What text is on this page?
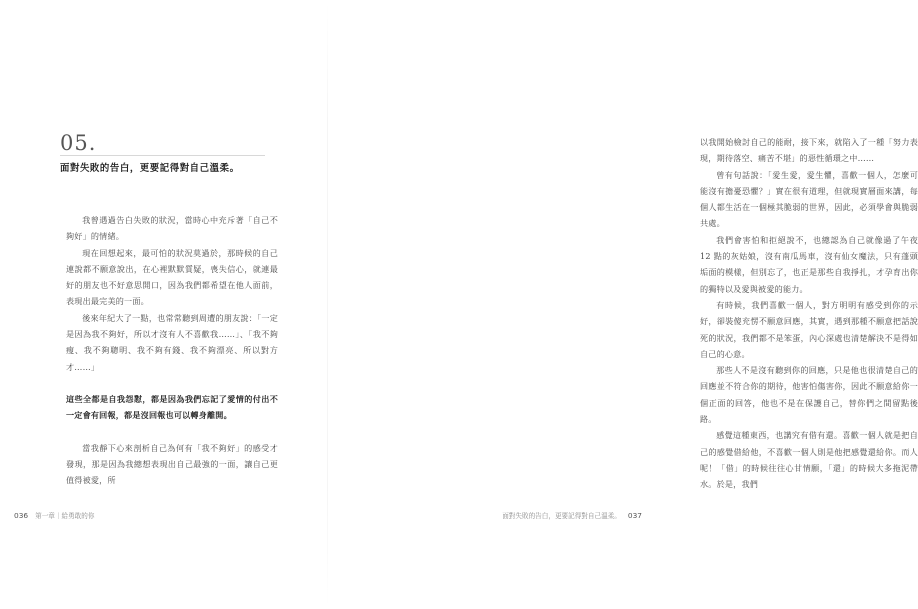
05.
面對失敗的告白，更要記得對自己溫柔。

我曾遇過告白失敗的狀況，當時心中充斥著「自己不夠好」的情緒。

現在回想起來，最可怕的狀況莫過於，那時候的自己連說都不願意說出，在心裡默默質疑，喪失信心，就連最好的朋友也不好意思開口，因為我們都希望在他人面前，表現出最完美的一面。

後來年紀大了一點，也常常聽到周遭的朋友說：「一定是因為我不夠好，所以才沒有人不喜歡我……」、「我不夠瘦、我不夠聰明、我不夠有錢、我不夠漂亮、所以對方才……」

這些全都是自我怨懟，都是因為我們忘記了愛情的付出不一定會有回報，都是沒回報也可以轉身離開。

當我靜下心來剖析自己為何有「我不夠好」的感受才發現，那是因為我總想表現出自己最強的一面，讓自己更值得被愛，所

036 第一章｜給勇敢的你

以我開始檢討自己的能耐，接下來，就陷入了一種「努力表現，期待落空、痛苦不堪」的惡性循環之中……

曾有句話說：「愛生愛，愛生懼，喜歡一個人，怎麼可能沒有擔憂恐懼？」實在很有道理，但就現實層面來講，每個人都生活在一個極其脆弱的世界，因此，必須學會與脆弱共處。

我們會害怕和拒絕說不，也總認為自己就像過了午夜 12 點的灰姑娘，沒有南瓜馬車，沒有仙女魔法，只有蓬頭垢面的模樣，但別忘了，也正是那些自我掙扎，才孕育出你的獨特以及愛與被愛的能力。

有時候，我們喜歡一個人，對方明明有感受到你的示好，卻裝傻充愣不願意回應，其實，遇到那種不願意把話說死的狀況，我們都不是笨蛋，內心深處也清楚解決不是得如自己的心意。

那些人不是沒有聽到你的回應，只是他也很清楚自己的回應並不符合你的期待，他害怕傷害你，因此不願意給你一個正面的回答，他也不是在保護自己，替你們之間留點後路。

感覺這種東西，也講究有借有還。喜歡一個人就是把自己的感覺借給他，不喜歡一個人則是他把感覺還給你。而人呢！「借」的時候往往心甘情願，「還」的時候大多拖泥帶水。於是，我們

面對失敗的告白，更要記得對自己溫柔。 037
